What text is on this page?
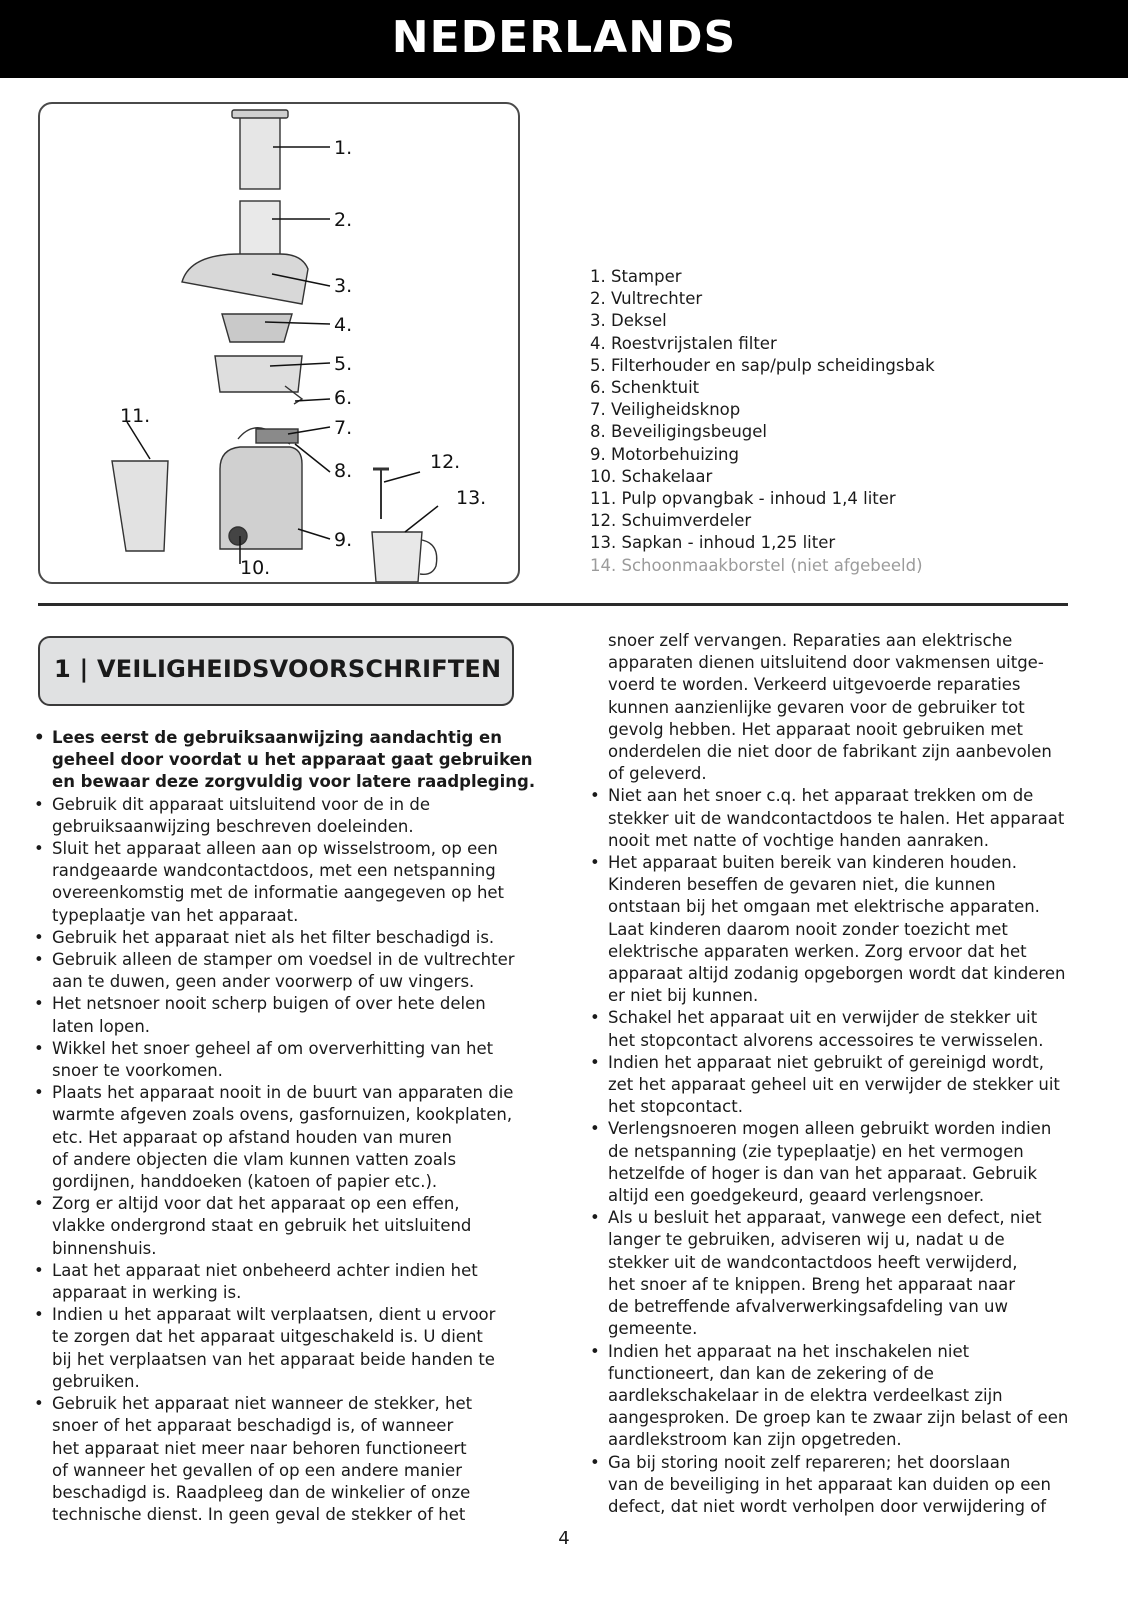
NEDERLANDS
1.
2.
3.
4.
5.
6.
7.
8.
9.
10.
11.
12.
13.
1. Stamper
2. Vultrechter
3. Deksel
4. Roestvrijstalen filter
5. Filterhouder en sap/pulp scheidingsbak
6. Schenktuit
7. Veiligheidsknop
8. Beveiligingsbeugel
9. Motorbehuizing
10. Schakelaar
11. Pulp opvangbak - inhoud 1,4 liter
12. Schuimverdeler
13. Sapkan - inhoud 1,25 liter
14. Schoonmaakborstel (niet afgebeeld)
1 | VEILIGHEIDSVOORSCHRIFTEN
• Lees eerst de gebruiksaanwijzing aandachtig en
geheel door voordat u het apparaat gaat gebruiken
en bewaar deze zorgvuldig voor latere raadpleging.
• Gebruik dit apparaat uitsluitend voor de in de
gebruiksaanwijzing beschreven doeleinden.
• Sluit het apparaat alleen aan op wisselstroom, op een
randgeaarde wandcontactdoos, met een netspanning
overeenkomstig met de informatie aangegeven op het
typeplaatje van het apparaat.
• Gebruik het apparaat niet als het filter beschadigd is.
• Gebruik alleen de stamper om voedsel in de vultrechter
aan te duwen, geen ander voorwerp of uw vingers.
• Het netsnoer nooit scherp buigen of over hete delen
laten lopen.
• Wikkel het snoer geheel af om oververhitting van het
snoer te voorkomen.
• Plaats het apparaat nooit in de buurt van apparaten die
warmte afgeven zoals ovens, gasfornuizen, kookplaten,
etc. Het apparaat op afstand houden van muren
of andere objecten die vlam kunnen vatten zoals
gordijnen, handdoeken (katoen of papier etc.).
• Zorg er altijd voor dat het apparaat op een effen,
vlakke ondergrond staat en gebruik het uitsluitend
binnenshuis.
• Laat het apparaat niet onbeheerd achter indien het
apparaat in werking is.
• Indien u het apparaat wilt verplaatsen, dient u ervoor
te zorgen dat het apparaat uitgeschakeld is. U dient
bij het verplaatsen van het apparaat beide handen te
gebruiken.
• Gebruik het apparaat niet wanneer de stekker, het
snoer of het apparaat beschadigd is, of wanneer
het apparaat niet meer naar behoren functioneert
of wanneer het gevallen of op een andere manier
beschadigd is. Raadpleeg dan de winkelier of onze
technische dienst. In geen geval de stekker of het
snoer zelf vervangen. Reparaties aan elektrische
apparaten dienen uitsluitend door vakmensen uitge-
voerd te worden. Verkeerd uitgevoerde reparaties
kunnen aanzienlijke gevaren voor de gebruiker tot
gevolg hebben. Het apparaat nooit gebruiken met
onderdelen die niet door de fabrikant zijn aanbevolen
of geleverd.
• Niet aan het snoer c.q. het apparaat trekken om de
stekker uit de wandcontactdoos te halen. Het apparaat
nooit met natte of vochtige handen aanraken.
• Het apparaat buiten bereik van kinderen houden.
Kinderen beseffen de gevaren niet, die kunnen
ontstaan bij het omgaan met elektrische apparaten.
Laat kinderen daarom nooit zonder toezicht met
elektrische apparaten werken. Zorg ervoor dat het
apparaat altijd zodanig opgeborgen wordt dat kinderen
er niet bij kunnen.
• Schakel het apparaat uit en verwijder de stekker uit
het stopcontact alvorens accessoires te verwisselen.
• Indien het apparaat niet gebruikt of gereinigd wordt,
zet het apparaat geheel uit en verwijder de stekker uit
het stopcontact.
• Verlengsnoeren mogen alleen gebruikt worden indien
de netspanning (zie typeplaatje) en het vermogen
hetzelfde of hoger is dan van het apparaat. Gebruik
altijd een goedgekeurd, geaard verlengsnoer.
• Als u besluit het apparaat, vanwege een defect, niet
langer te gebruiken, adviseren wij u, nadat u de
stekker uit de wandcontactdoos heeft verwijderd,
het snoer af te knippen. Breng het apparaat naar
de betreffende afvalverwerkingsafdeling van uw
gemeente.
• Indien het apparaat na het inschakelen niet
functioneert, dan kan de zekering of de
aardlekschakelaar in de elektra verdeelkast zijn
aangesproken. De groep kan te zwaar zijn belast of een
aardlekstroom kan zijn opgetreden.
• Ga bij storing nooit zelf repareren; het doorslaan
van de beveiliging in het apparaat kan duiden op een
defect, dat niet wordt verholpen door verwijdering of
4
